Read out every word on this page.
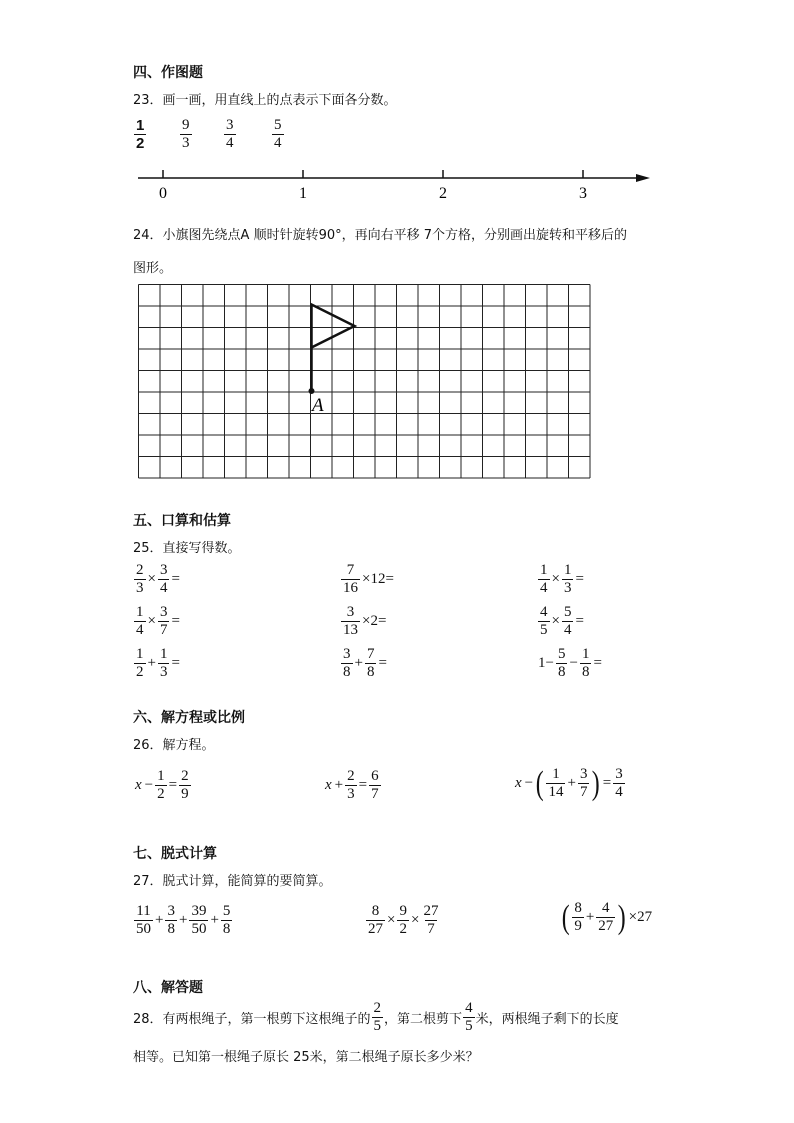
四、作图题
23．画一画，用直线上的点表示下面各分数。
$\frac{1}{2} \frac{9}{3} \frac{3}{4} \frac{5}{4}$
0	1	2	3
24．小旗图先绕点A 顺时针旋转90°，再向右平移 7个方格，分别画出旋转和平移后的
图形。
A
五、口算和估算
25．直接写得数。
$\frac{2}{3} \times \frac{3}{4}$ =	$\frac{7}{16} \times 12=$	$\frac{1}{4} \times \frac{1}{3}$ =
$\frac{1}{4} \times \frac{3}{7}$ =	$\frac{3}{13} \times 2=$	$\frac{4}{5} \times \frac{5}{4}$ =
$\frac{1}{2} + \frac{1}{3}$ =	$\frac{3}{8} + \frac{7}{8}$ =	$1- \frac{5}{8} - \frac{1}{8}$ =
六、解方程或比例
26．解方程。
$x - \frac{1}{2} = \frac{2}{9}$	$x + \frac{2}{3} = \frac{6}{7}$	x − ( $\frac{1}{14} + \frac{3}{7}$ ) = $\frac{3}{4}$
七、脱式计算
27．脱式计算，能简算的要简算。
$\frac{11}{50} + \frac{3}{8} + \frac{39}{50} + \frac{5}{8}$	$\frac{8}{27} \times \frac{9}{2} \times \frac{27}{7}$	( $\frac{8}{9} + \frac{4}{27}$ ) ×27
八、解答题
28．有两根绳子，第一根剪下这根绳子的 $\frac{2}{5}$ ，第二根剪下 $\frac{4}{5}$ 米，两根绳子剩下的长度
相等。已知第一根绳子原长 25米，第二根绳子原长多少米？
